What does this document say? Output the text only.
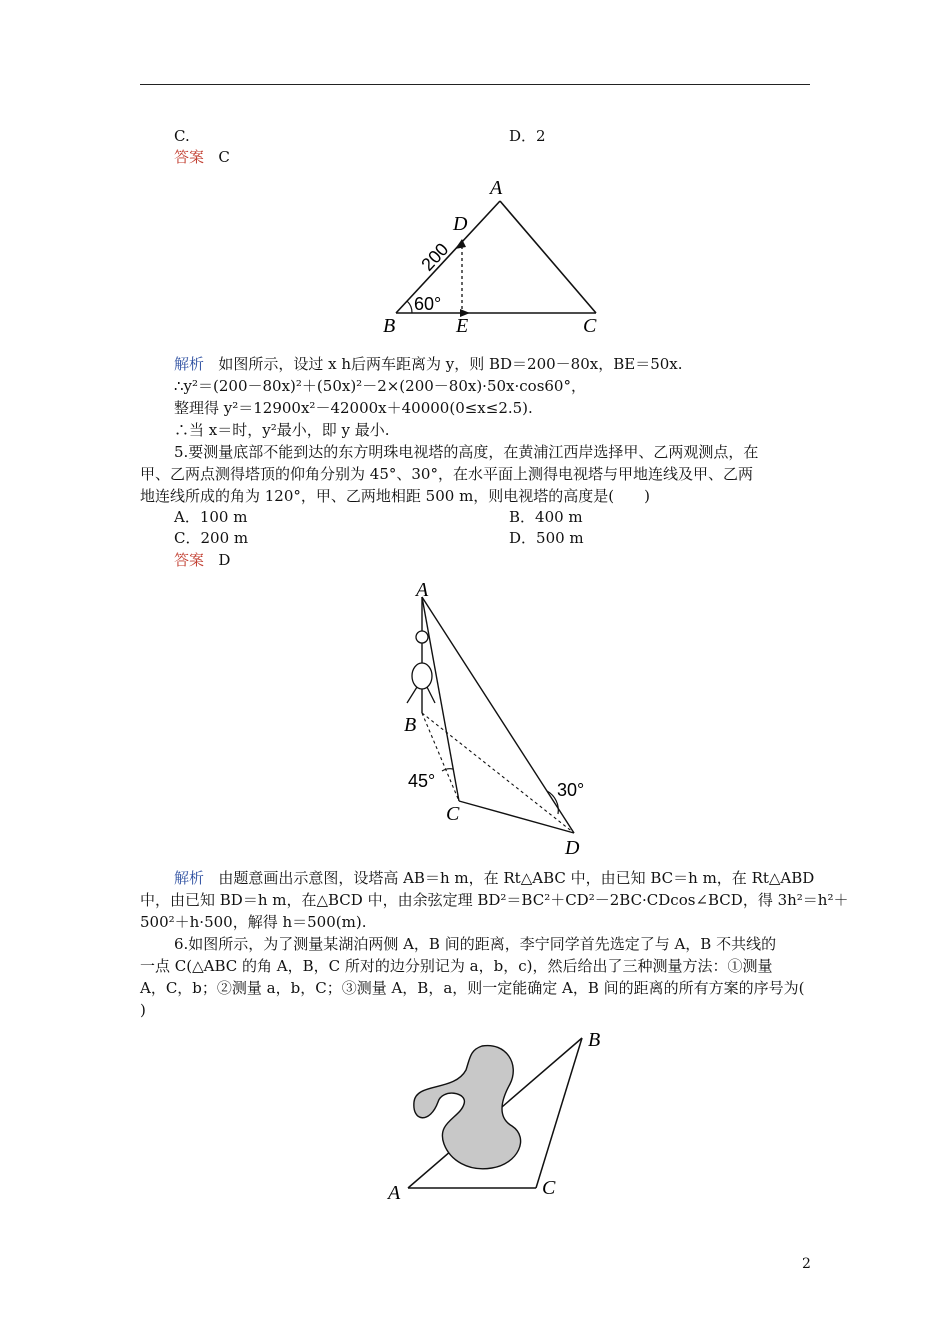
C.	D．2
答案 C
A
D
B	E	C
200
60°
解析 如图所示，设过 x h后两车距离为 y，则 BD＝200－80x，BE＝50x.
∴y²＝(200－80x)²＋(50x)²－2×(200－80x)·50x·cos60°，
整理得 y²＝12900x²－42000x＋40000(0≤x≤2.5).
∴当 x＝时，y²最小，即 y 最小.
5.要测量底部不能到达的东方明珠电视塔的高度，在黄浦江西岸选择甲、乙两观测点，在
甲、乙两点测得塔顶的仰角分别为 45°、30°，在水平面上测得电视塔与甲地连线及甲、乙两
地连线所成的角为 120°，甲、乙两地相距 500 m，则电视塔的高度是(　　)
A．100 m	B．400 m
C．200 m	D．500 m
答案 D
A
B
C
D
45°	30°
解析 由题意画出示意图，设塔高 AB＝h m，在 Rt△ABC 中，由已知 BC＝h m，在 Rt△ABD
中，由已知 BD＝h m，在△BCD 中，由余弦定理 BD²＝BC²＋CD²－2BC·CDcos∠BCD，得 3h²＝h²＋
500²＋h·500，解得 h＝500(m).
6.如图所示，为了测量某湖泊两侧 A，B 间的距离，李宁同学首先选定了与 A，B 不共线的
一点 C(△ABC 的角 A，B，C 所对的边分别记为 a，b，c)，然后给出了三种测量方法：①测量
A，C，b；②测量 a，b，C；③测量 A，B，a，则一定能确定 A，B 间的距离的所有方案的序号为(
)
A
B
C
2
